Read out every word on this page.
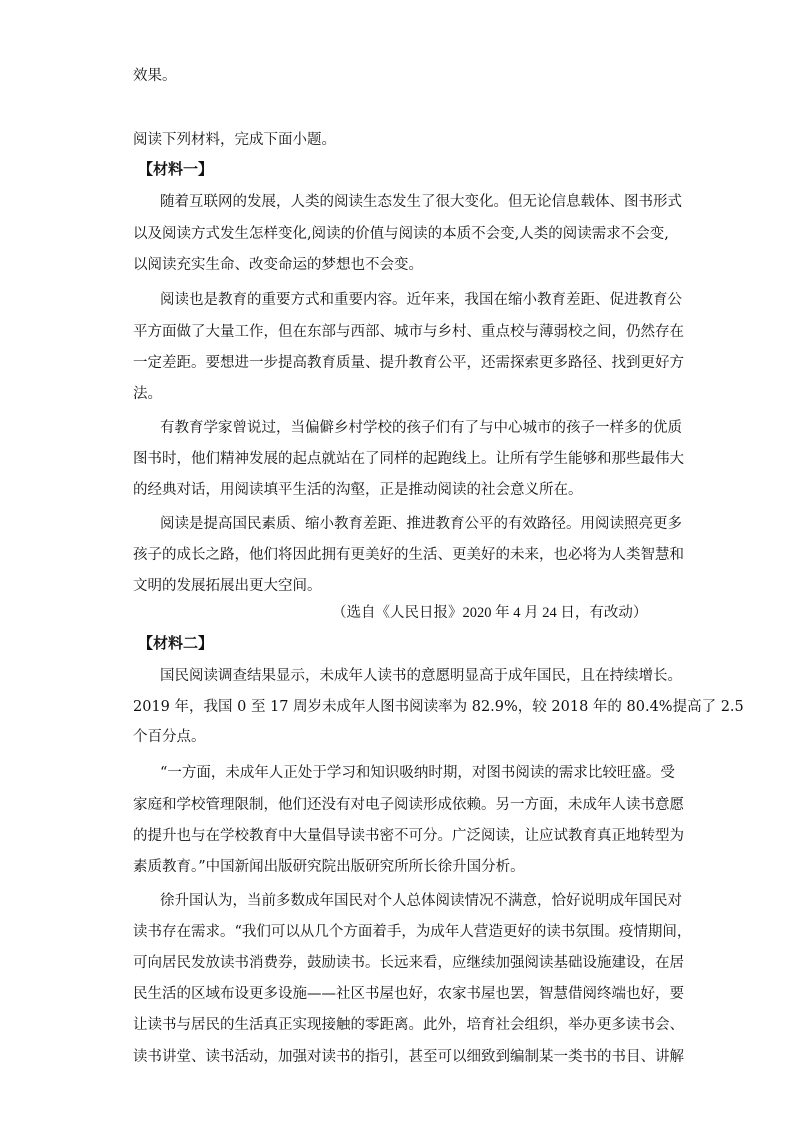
效果。
阅读下列材料，完成下面小题。
【材料一】
随着互联网的发展，人类的阅读生态发生了很大变化。但无论信息载体、图书形式
以及阅读方式发生怎样变化,阅读的价值与阅读的本质不会变,人类的阅读需求不会变,
以阅读充实生命、改变命运的梦想也不会变。
阅读也是教育的重要方式和重要内容。近年来，我国在缩小教育差距、促进教育公
平方面做了大量工作，但在东部与西部、城市与乡村、重点校与薄弱校之间，仍然存在
一定差距。要想进一步提高教育质量、提升教育公平，还需探索更多路径、找到更好方
法。
有教育学家曾说过，当偏僻乡村学校的孩子们有了与中心城市的孩子一样多的优质
图书时，他们精神发展的起点就站在了同样的起跑线上。让所有学生能够和那些最伟大
的经典对话，用阅读填平生活的沟壑，正是推动阅读的社会意义所在。
阅读是提高国民素质、缩小教育差距、推进教育公平的有效路径。用阅读照亮更多
孩子的成长之路，他们将因此拥有更美好的生活、更美好的未来，也必将为人类智慧和
文明的发展拓展出更大空间。
（选自《人民日报》2020 年 4 月 24 日，有改动）
【材料二】
国民阅读调查结果显示，未成年人读书的意愿明显高于成年国民，且在持续增长。
2019 年，我国 0 至 17 周岁未成年人图书阅读率为 82.9%，较 2018 年的 80.4%提高了 2.5
个百分点。
“一方面，未成年人正处于学习和知识吸纳时期，对图书阅读的需求比较旺盛。受
家庭和学校管理限制，他们还没有对电子阅读形成依赖。另一方面，未成年人读书意愿
的提升也与在学校教育中大量倡导读书密不可分。广泛阅读，让应试教育真正地转型为
素质教育。”中国新闻出版研究院出版研究所所长徐升国分析。
徐升国认为，当前多数成年国民对个人总体阅读情况不满意，恰好说明成年国民对
读书存在需求。“我们可以从几个方面着手，为成年人营造更好的读书氛围。疫情期间，
可向居民发放读书消费券，鼓励读书。长远来看，应继续加强阅读基础设施建设，在居
民生活的区域布设更多设施——社区书屋也好，农家书屋也罢，智慧借阅终端也好，要
让读书与居民的生活真正实现接触的零距离。此外，培育社会组织，举办更多读书会、
读书讲堂、读书活动，加强对读书的指引，甚至可以细致到编制某一类书的书目、讲解
